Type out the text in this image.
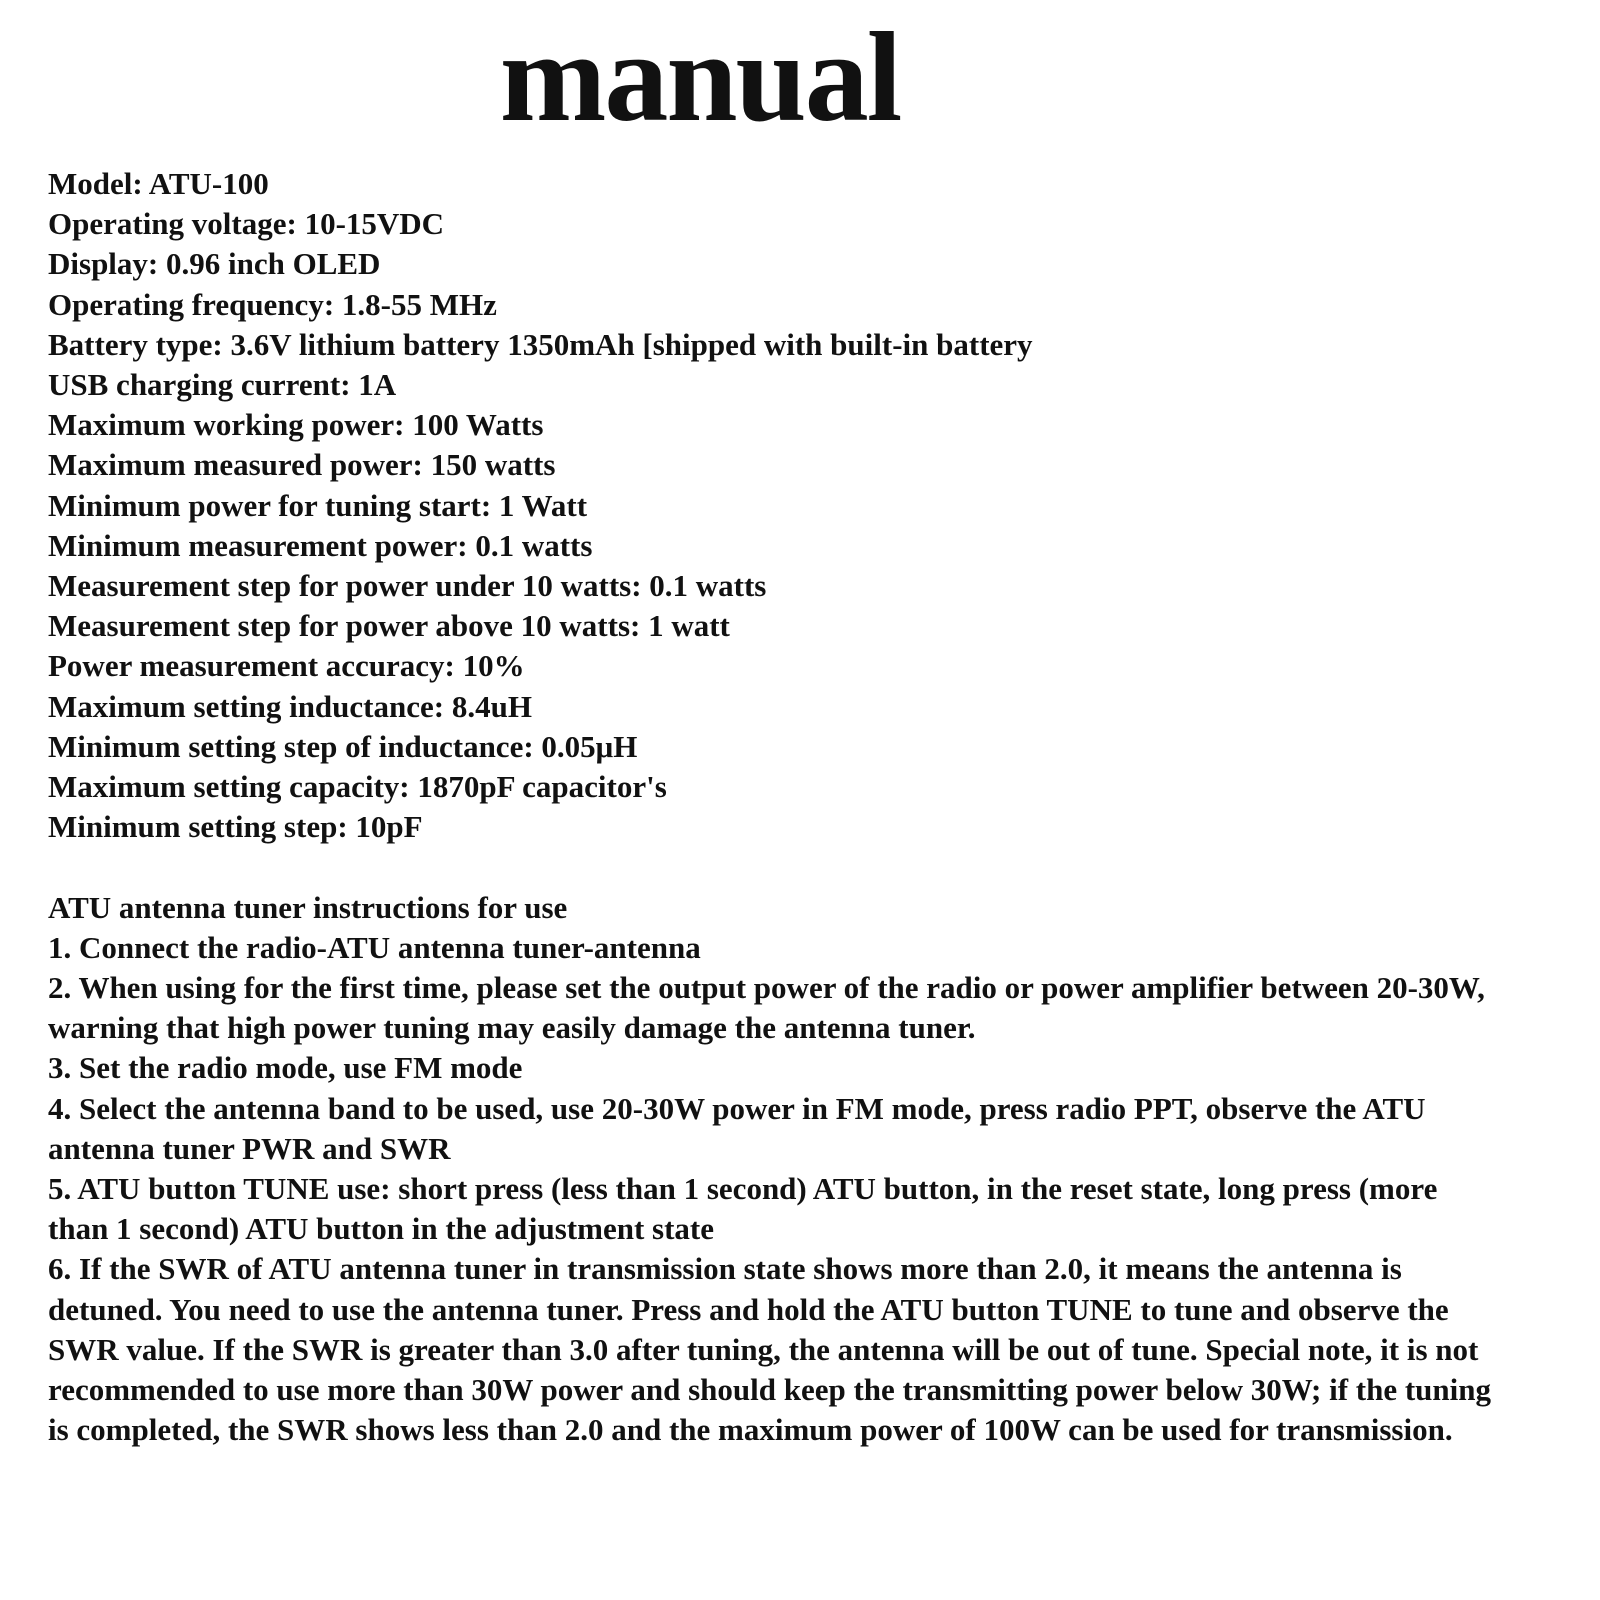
manual
Model: ATU-100
Operating voltage: 10-15VDC
Display: 0.96 inch OLED
Operating frequency: 1.8-55 MHz
Battery type: 3.6V lithium battery 1350mAh [shipped with built-in battery
USB charging current: 1A
Maximum working power: 100 Watts
Maximum measured power: 150 watts
Minimum power for tuning start: 1 Watt
Minimum measurement power: 0.1 watts
Measurement step for power under 10 watts: 0.1 watts
Measurement step for power above 10 watts: 1 watt
Power measurement accuracy: 10%
Maximum setting inductance: 8.4uH
Minimum setting step of inductance: 0.05μH
Maximum setting capacity: 1870pF capacitor's
Minimum setting step: 10pF
ATU antenna tuner instructions for use
1. Connect the radio-ATU antenna tuner-antenna
2. When using for the first time, please set the output power of the radio or power amplifier between 20-30W,
warning that high power tuning may easily damage the antenna tuner.
3. Set the radio mode, use FM mode
4. Select the antenna band to be used, use 20-30W power in FM mode, press radio PPT, observe the ATU
antenna tuner PWR and SWR
5. ATU button TUNE use: short press (less than 1 second) ATU button, in the reset state, long press (more
than 1 second) ATU button in the adjustment state
6. If the SWR of ATU antenna tuner in transmission state shows more than 2.0, it means the antenna is
detuned. You need to use the antenna tuner. Press and hold the ATU button TUNE to tune and observe the
SWR value. If the SWR is greater than 3.0 after tuning, the antenna will be out of tune. Special note, it is not
recommended to use more than 30W power and should keep the transmitting power below 30W; if the tuning
is completed, the SWR shows less than 2.0 and the maximum power of 100W can be used for transmission.
